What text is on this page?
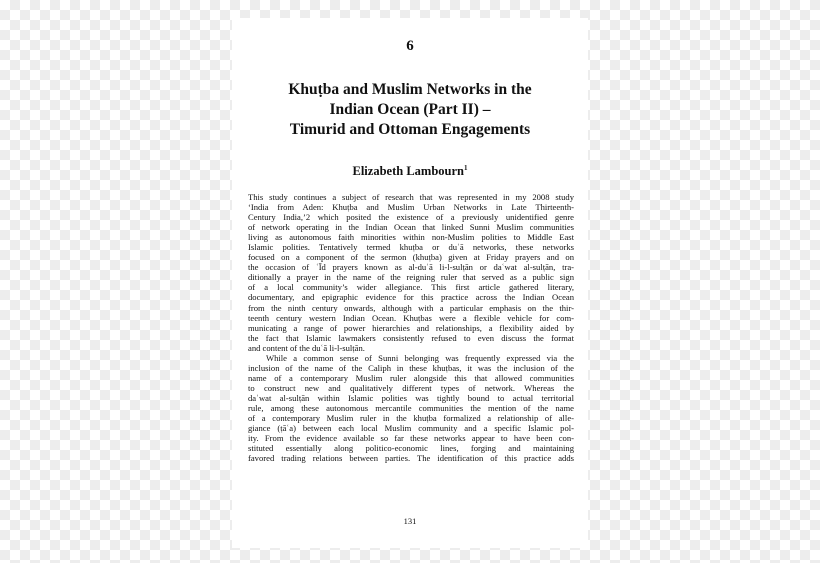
6
Khuṭba and Muslim Networks in the
Indian Ocean (Part II) –
Timurid and Ottoman Engagements
Elizabeth Lambourn$^1$
This study continues a subject of research that was represented in my 2008 study
‘India from Aden: Khuṭba and Muslim Urban Networks in Late Thirteenth-
Century India,’2 which posited the existence of a previously unidentified genre
of network operating in the Indian Ocean that linked Sunni Muslim communities
living as autonomous faith minorities within non-Muslim polities to Middle East
Islamic polities. Tentatively termed khuṭba or duʿā networks, these networks
focused on a component of the sermon (khuṭba) given at Friday prayers and on
the occasion of ʿĪd prayers known as al-duʿā li-l-sulṭān or daʿwat al-sulṭān, tra-
ditionally a prayer in the name of the reigning ruler that served as a public sign
of a local community’s wider allegiance. This first article gathered literary,
documentary, and epigraphic evidence for this practice across the Indian Ocean
from the ninth century onwards, although with a particular emphasis on the thir-
teenth century western Indian Ocean. Khuṭbas were a flexible vehicle for com-
municating a range of power hierarchies and relationships, a flexibility aided by
the fact that Islamic lawmakers consistently refused to even discuss the format
and content of the duʿā li-l-sulṭān.
While a common sense of Sunni belonging was frequently expressed via the
inclusion of the name of the Caliph in these khuṭbas, it was the inclusion of the
name of a contemporary Muslim ruler alongside this that allowed communities
to construct new and qualitatively different types of network. Whereas the
daʿwat al-sulṭān within Islamic polities was tightly bound to actual territorial
rule, among these autonomous mercantile communities the mention of the name
of a contemporary Muslim ruler in the khuṭba formalized a relationship of alle-
giance (ṭāʿa) between each local Muslim community and a specific Islamic pol-
ity. From the evidence available so far these networks appear to have been con-
stituted essentially along politico-economic lines, forging and maintaining
favored trading relations between parties. The identification of this practice adds
131
